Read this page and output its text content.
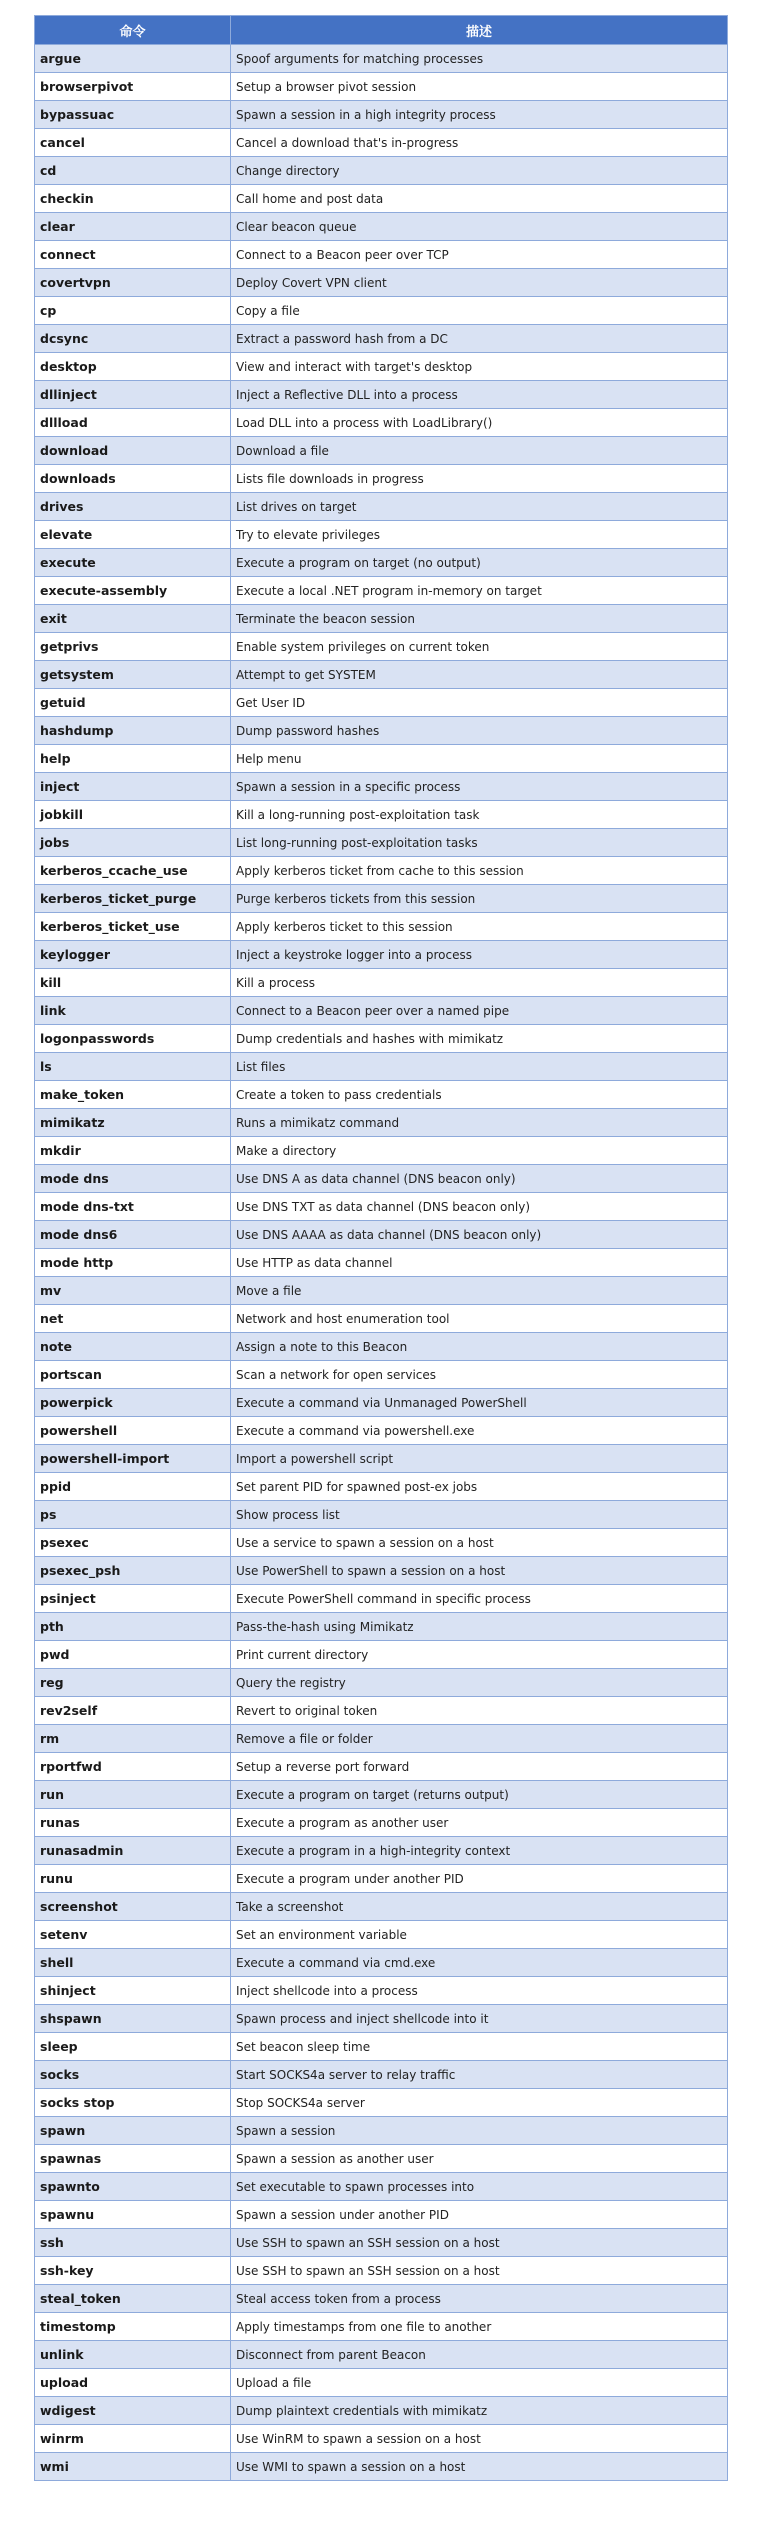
命令	描述
argue	Spoof arguments for matching processes
browserpivot	Setup a browser pivot session
bypassuac	Spawn a session in a high integrity process
cancel	Cancel a download that's in-progress
cd	Change directory
checkin	Call home and post data
clear	Clear beacon queue
connect	Connect to a Beacon peer over TCP
covertvpn	Deploy Covert VPN client
cp	Copy a file
dcsync	Extract a password hash from a DC
desktop	View and interact with target's desktop
dllinject	Inject a Reflective DLL into a process
dllload	Load DLL into a process with LoadLibrary()
download	Download a file
downloads	Lists file downloads in progress
drives	List drives on target
elevate	Try to elevate privileges
execute	Execute a program on target (no output)
execute-assembly	Execute a local .NET program in-memory on target
exit	Terminate the beacon session
getprivs	Enable system privileges on current token
getsystem	Attempt to get SYSTEM
getuid	Get User ID
hashdump	Dump password hashes
help	Help menu
inject	Spawn a session in a specific process
jobkill	Kill a long-running post-exploitation task
jobs	List long-running post-exploitation tasks
kerberos_ccache_use	Apply kerberos ticket from cache to this session
kerberos_ticket_purge	Purge kerberos tickets from this session
kerberos_ticket_use	Apply kerberos ticket to this session
keylogger	Inject a keystroke logger into a process
kill	Kill a process
link	Connect to a Beacon peer over a named pipe
logonpasswords	Dump credentials and hashes with mimikatz
ls	List files
make_token	Create a token to pass credentials
mimikatz	Runs a mimikatz command
mkdir	Make a directory
mode dns	Use DNS A as data channel (DNS beacon only)
mode dns-txt	Use DNS TXT as data channel (DNS beacon only)
mode dns6	Use DNS AAAA as data channel (DNS beacon only)
mode http	Use HTTP as data channel
mv	Move a file
net	Network and host enumeration tool
note	Assign a note to this Beacon
portscan	Scan a network for open services
powerpick	Execute a command via Unmanaged PowerShell
powershell	Execute a command via powershell.exe
powershell-import	Import a powershell script
ppid	Set parent PID for spawned post-ex jobs
ps	Show process list
psexec	Use a service to spawn a session on a host
psexec_psh	Use PowerShell to spawn a session on a host
psinject	Execute PowerShell command in specific process
pth	Pass-the-hash using Mimikatz
pwd	Print current directory
reg	Query the registry
rev2self	Revert to original token
rm	Remove a file or folder
rportfwd	Setup a reverse port forward
run	Execute a program on target (returns output)
runas	Execute a program as another user
runasadmin	Execute a program in a high-integrity context
runu	Execute a program under another PID
screenshot	Take a screenshot
setenv	Set an environment variable
shell	Execute a command via cmd.exe
shinject	Inject shellcode into a process
shspawn	Spawn process and inject shellcode into it
sleep	Set beacon sleep time
socks	Start SOCKS4a server to relay traffic
socks stop	Stop SOCKS4a server
spawn	Spawn a session
spawnas	Spawn a session as another user
spawnto	Set executable to spawn processes into
spawnu	Spawn a session under another PID
ssh	Use SSH to spawn an SSH session on a host
ssh-key	Use SSH to spawn an SSH session on a host
steal_token	Steal access token from a process
timestomp	Apply timestamps from one file to another
unlink	Disconnect from parent Beacon
upload	Upload a file
wdigest	Dump plaintext credentials with mimikatz
winrm	Use WinRM to spawn a session on a host
wmi	Use WMI to spawn a session on a host
